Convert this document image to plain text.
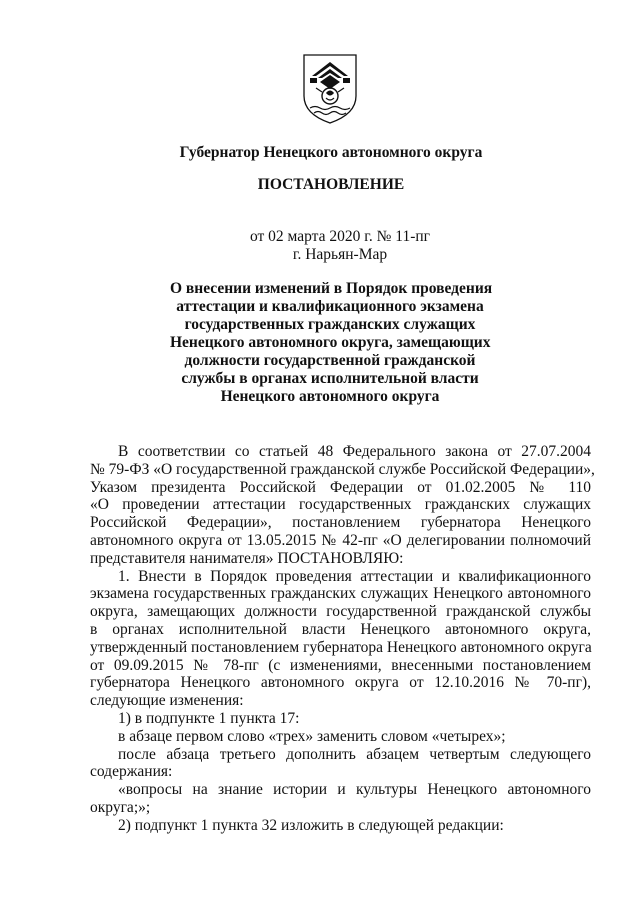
Губернатор Ненецкого автономного округа
ПОСТАНОВЛЕНИЕ

от 02 марта 2020 г. № 11-пг

г. Нарьян-Мар

О внесении изменений в Порядок проведения
аттестации и квалификационного экзамена
государственных гражданских служащих
Ненецкого автономного округа, замещающих
должности государственной гражданской
службы в органах исполнительной власти
Ненецкого автономного округа

В соответствии со статьей 48 Федерального закона от 27.07.2004
№ 79-ФЗ «О государственной гражданской службе Российской Федерации»,
Указом президента Российской Федерации от 01.02.2005 № 110
«О проведении аттестации государственных гражданских служащих
Российской Федерации», постановлением губернатора Ненецкого
автономного округа от 13.05.2015 № 42-пг «О делегировании полномочий
представителя нанимателя» ПОСТАНОВЛЯЮ:

1. Внести в Порядок проведения аттестации и квалификационного
экзамена государственных гражданских служащих Ненецкого автономного
округа, замещающих должности государственной гражданской службы
в органах исполнительной власти Ненецкого автономного округа,
утвержденный постановлением губернатора Ненецкого автономного округа
от 09.09.2015 № 78-пг (с изменениями, внесенными постановлением
губернатора Ненецкого автономного округа от 12.10.2016 № 70-пг),
следующие изменения:

1) в подпункте 1 пункта 17:

в абзаце первом слово «трех» заменить словом «четырех»;

после абзаца третьего дополнить абзацем четвертым следующего
содержания:

«вопросы на знание истории и культуры Ненецкого автономного
округа;»;

2) подпункт 1 пункта 32 изложить в следующей редакции:
